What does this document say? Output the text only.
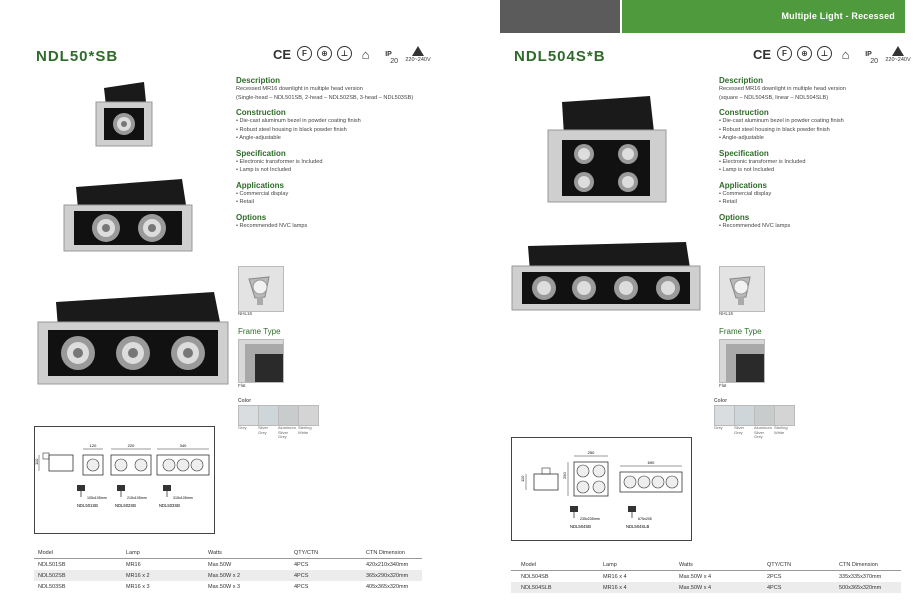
NDL50*SB	CE	F	⊕	⊥	⌂	IP
20 220~240V

Description

Recessed MR16 downlight in multiple head version

(Single-head – NDL501SB, 2-head – NDL502SB, 3-head – NDL503SB)

Construction

• Die-cast aluminum bezel in powder coating finish

• Robust steel housing in black powder finish

• Angle-adjustable

Specification

• Electronic transformer is Included

• Lamp is not Included

Applications

• Commercial display

• Retail

Options

• Recommended NVC lamps

NHL16
Frame Type
Flat
Color
Grey	Silver Grey
Aluminum Silver Grey
Sterling White
120	220	340
110
105x105mm	215x105mm	315x105mm
NDL501SB	NDL502SB	NDL503SB
Model	Lamp	Watts	QTY/CTN	CTN Dimension
NDL501SB	MR16	Max.50W	4PCS	420x210x340mm
NDL502SB	MR16 x 2	Max.50W x 2	4PCS	365x290x320mm
NDL503SB	MR16 x 3	Max.50W x 3	4PCS	405x365x320mm
Multiple Light - Recessed
NDL504S*B	CE	F	⊕	⊥	⌂	IP
20 220~240V

Description

Recessed MR16 downlight in multiple head version

(square – NDL504SB, linear – NDL504SLB)

Construction

• Die-cast aluminum bezel in powder coating finish

• Robust steel housing in black powder finish

• Angle-adjustable

Specification

• Electronic transformer is Included

• Lamp is not Included

Applications

• Commercial display

• Retail

Options

• Recommended NVC lamps

NHL16
Frame Type
Flat
Color
Grey	Silver Grey
Aluminum Silver Grey
Sterling White
110
250
250
690
235x235mm	675x205
NDL504SB	NDL504SLB
Model	Lamp	Watts	QTY/CTN	CTN Dimension
NDL504SB	MR16 x 4	Max.50W x 4	2PCS	335x335x370mm
NDL504SLB	MR16 x 4	Max.50W x 4	4PCS	500x365x320mm
